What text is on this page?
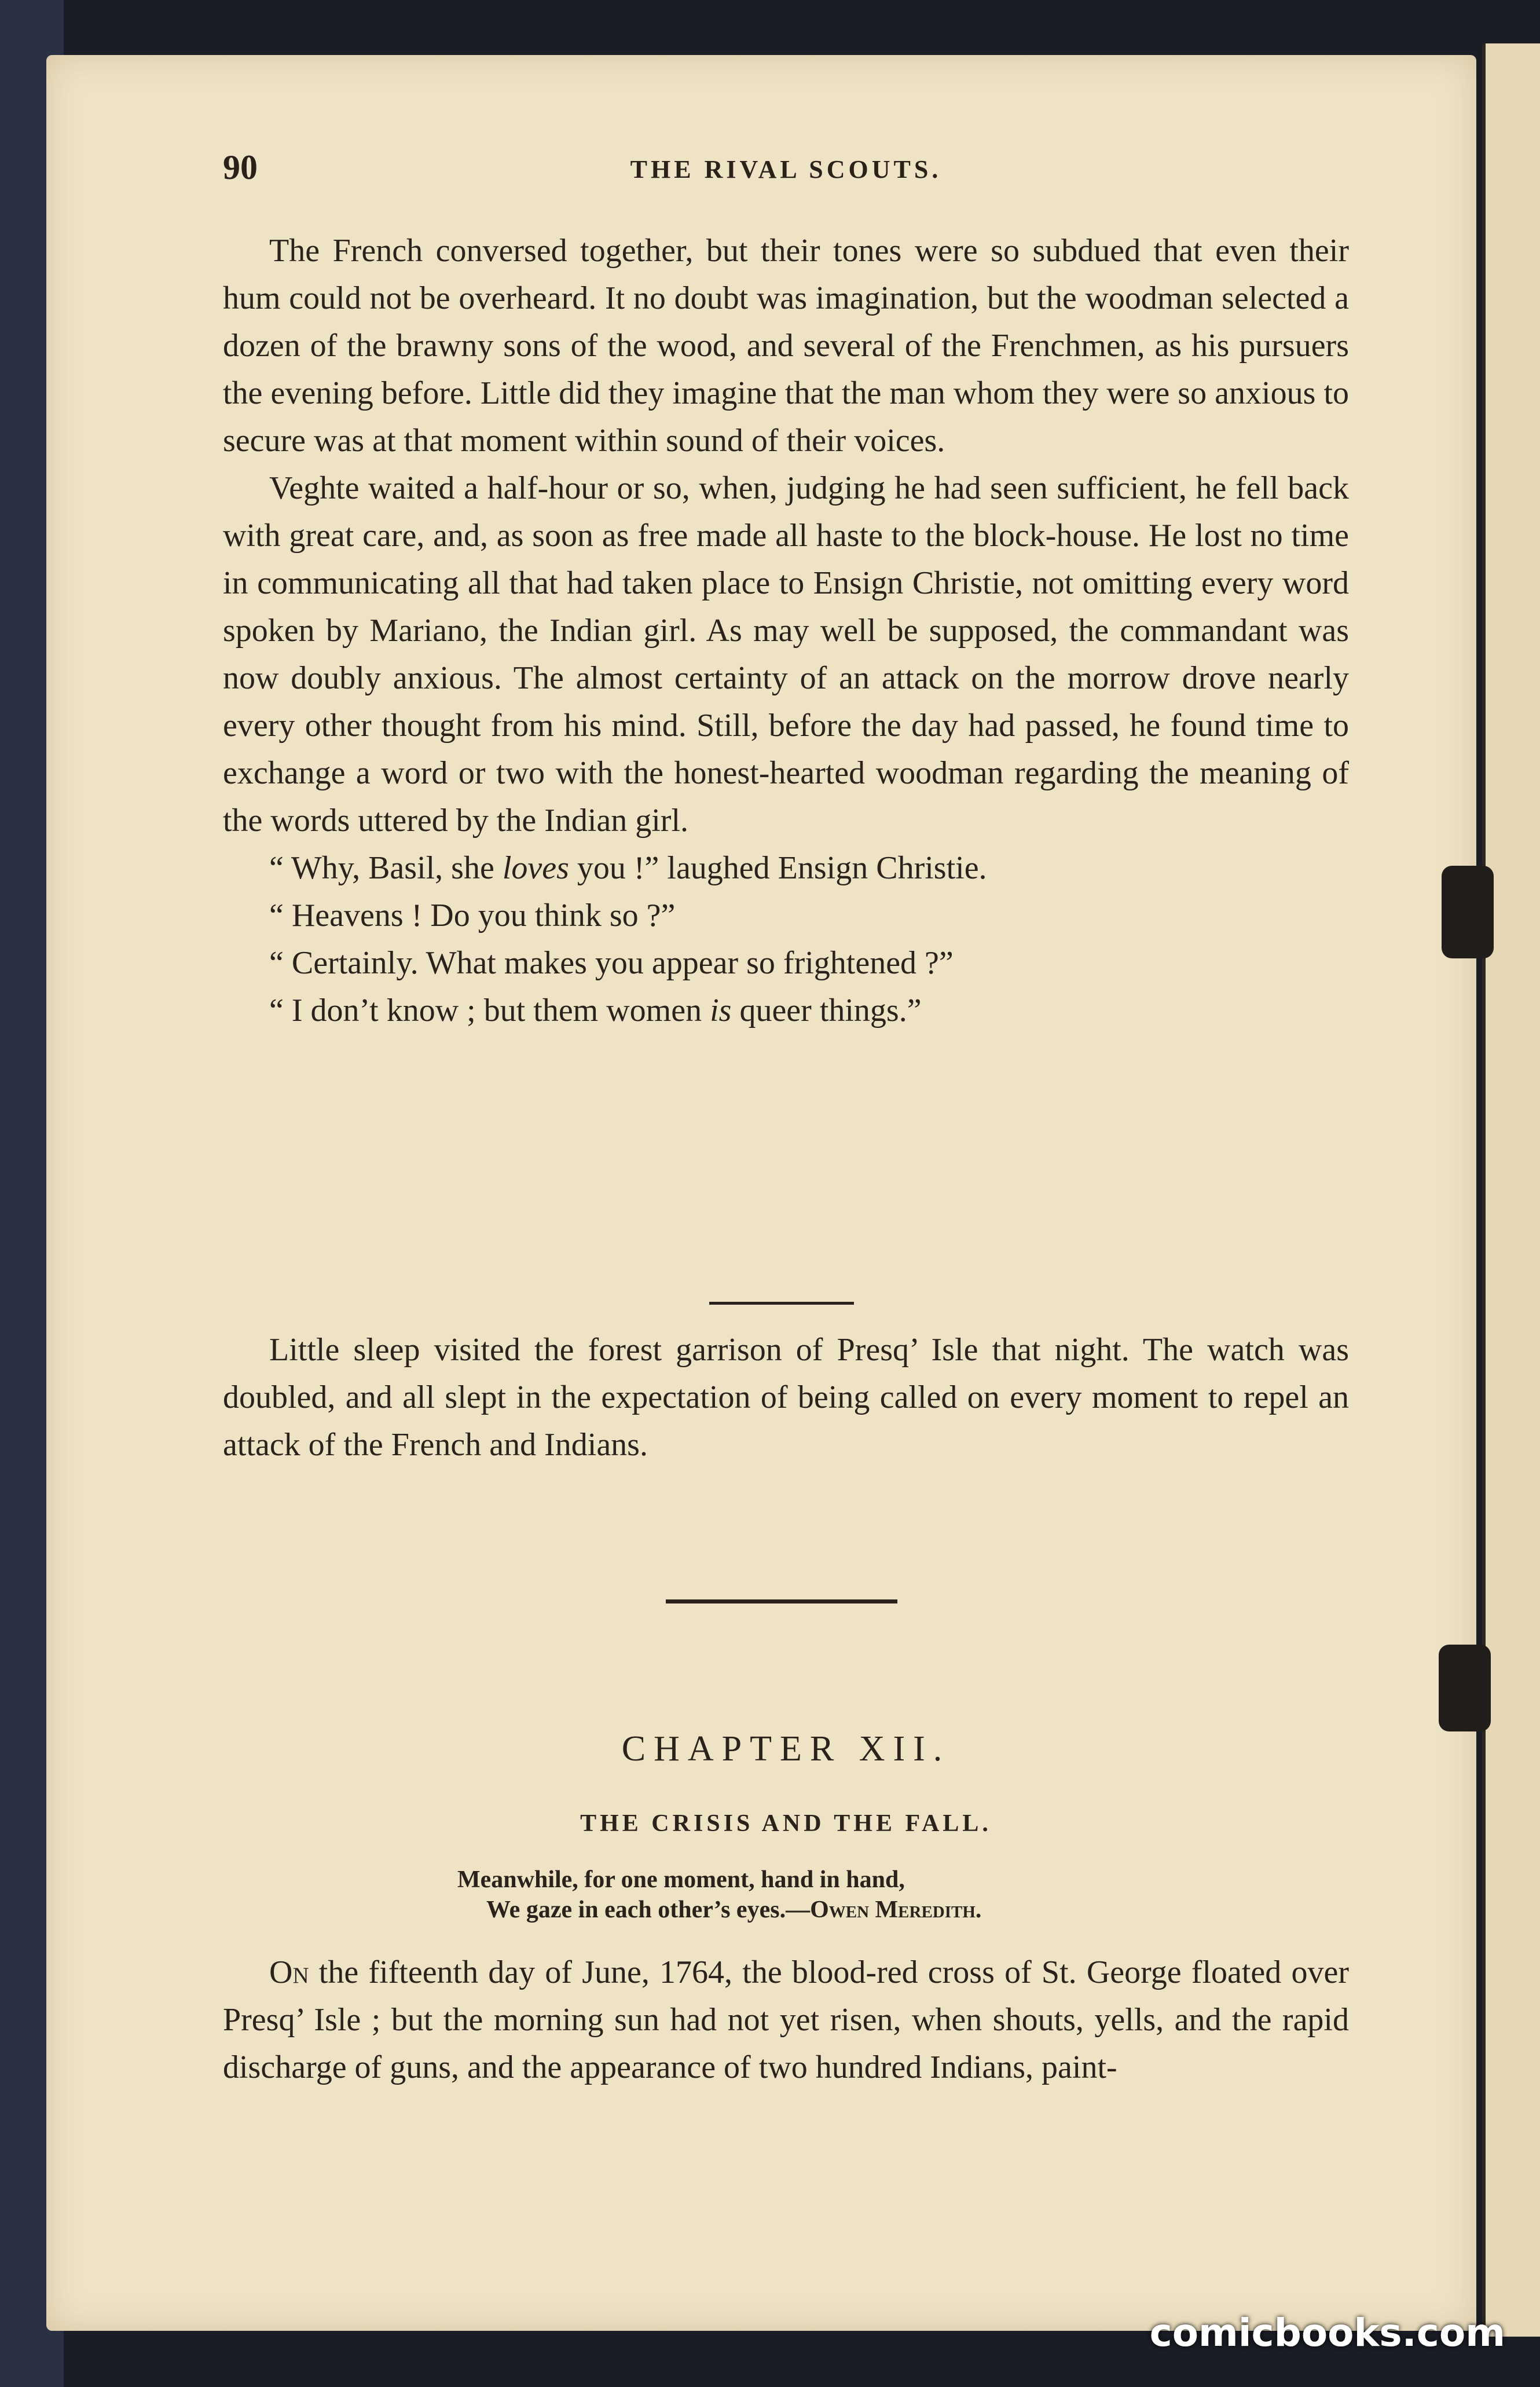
90	THE RIVAL SCOUTS.

The French conversed together, but their tones were so subdued that even their hum could not be overheard. It no doubt was imagination, but the woodman selected a dozen of the brawny sons of the wood, and several of the Frenchmen, as his pursuers the evening before. Little did they imagine that the man whom they were so anxious to secure was at that moment within sound of their voices.

Veghte waited a half-hour or so, when, judging he had seen sufficient, he fell back with great care, and, as soon as free made all haste to the block-house. He lost no time in communicating all that had taken place to Ensign Christie, not omitting every word spoken by Mariano, the Indian girl. As may well be supposed, the commandant was now doubly anxious. The almost certainty of an attack on the morrow drove nearly every other thought from his mind. Still, before the day had passed, he found time to exchange a word or two with the honest-hearted woodman regarding the meaning of the words uttered by the Indian girl.

“ Why, Basil, she loves you !” laughed Ensign Christie.

“ Heavens ! Do you think so ?”

“ Certainly. What makes you appear so frightened ?”

“ I don’t know ; but them women is queer things.”

Little sleep visited the forest garrison of Presq’ Isle that night. The watch was doubled, and all slept in the expectation of being called on every moment to repel an attack of the French and Indians.

CHAPTER XII.
THE CRISIS AND THE FALL.
Meanwhile, for one moment, hand in hand,
We gaze in each other’s eyes.—Owen Meredith.

On the fifteenth day of June, 1764, the blood-red cross of St. George floated over Presq’ Isle ; but the morning sun had not yet risen, when shouts, yells, and the rapid discharge of guns, and the appearance of two hundred Indians, paint-

comicbooks.com
